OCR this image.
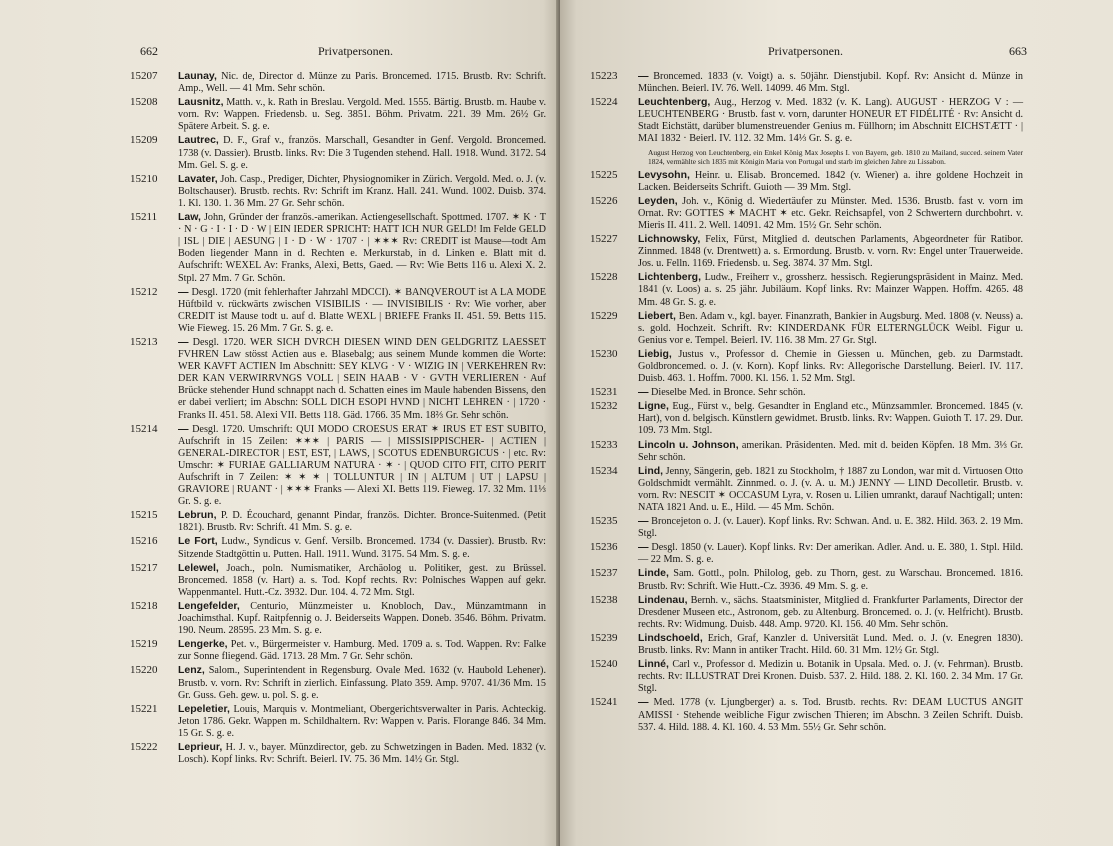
662	Privatpersonen.
15207 Launay, Nic. de, Director d. Münze zu Paris. Broncemed. 1715. Brustb. Rv: Schrift. Amp., Well. — 41 Mm. Sehr schön.
15208 Lausnitz, Matth. v., k. Rath in Breslau. Vergold. Med. 1555. Bärtig. Brustb. m. Haube v. vorn. Rv: Wappen. Friedensb. u. Seg. 3851. Böhm. Privatm. 221. 39 Mm. 26½ Gr. Spätere Arbeit. S. g. e.
15209 Lautrec, D. F., Graf v., französ. Marschall, Gesandter in Genf. Vergold. Broncemed. 1738 (v. Dassier). Brustb. links. Rv: Die 3 Tugenden stehend. Hall. 1918. Wund. 3172. 54 Mm. Gel. S. g. e.
15210 Lavater, Joh. Casp., Prediger, Dichter, Physiognomiker in Zürich. Vergold. Med. o. J. (v. Boltschauser). Brustb. rechts. Rv: Schrift im Kranz. Hall. 241. Wund. 1002. Duisb. 374. 1. Kl. 130. 1. 36 Mm. 27 Gr. Sehr schön.
15211 Law, John, Gründer der französ.-amerikan. Actiengesellschaft. Spottmed. 1707. ✶ K · T · N · G · I · I · D · W | EIN IEDER SPRICHT: HATT ICH NUR GELD! Im Felde GELD | ISL | DIE | AESUNG | I · D · W · 1707 · | ✶✶✶ Rv: CREDIT ist Mause—todt Am Boden liegender Mann in d. Rechten e. Merkurstab, in d. Linken e. Blatt mit d. Aufschrift: WEXEL Av: Franks, Alexi, Betts, Gaed. — Rv: Wie Betts 116 u. Alexi X. 2. Stpl. 27 Mm. 7 Gr. Schön.
15212 — Desgl. 1720 (mit fehlerhafter Jahrzahl MDCCI). ✶ BANQVEROUT ist A LA MODE Hüftbild v. rückwärts zwischen VISIBILIS · — INVISIBILIS · Rv: Wie vorher, aber CREDIT ist Mause todt u. auf d. Blatte WEXL | BRIEFE Franks II. 451. 59. Betts 115. Wie Fieweg. 15. 26 Mm. 7 Gr. S. g. e.
15213 — Desgl. 1720. WER SICH DVRCH DIESEN WIND DEN GELDGRITZ LAESSET FVHREN Law stösst Actien aus e. Blasebalg; aus seinem Munde kommen die Worte: WER KAVFT ACTIEN Im Abschnitt: SEY KLVG · V · WIZIG IN | VERKEHREN Rv: DER KAN VERWIRRVNGS VOLL | SEIN HAAB · V · GVTH VERLIEREN · Auf Brücke stehender Hund schnappt nach d. Schatten eines im Maule habenden Bissens, den er dabei verliert; im Abschn: SOLL DICH ESOPI HVND | NICHT LEHREN · | 1720 · Franks II. 451. 58. Alexi VII. Betts 118. Gäd. 1766. 35 Mm. 18⅔ Gr. Sehr schön.
15214 — Desgl. 1720. Umschrift: QUI MODO CROESUS ERAT ✶ IRUS ET EST SUBITO, Aufschrift in 15 Zeilen: ✶✶✶ | PARIS — | MISSISIPPISCHER- | ACTIEN | GENERAL-DIRECTOR | EST, EST, | LAWS, | SCOTUS EDENBURGICUS · | etc. Rv: Umschr: ✶ FURIAE GALLIARUM NATURA · ✶ · | QUOD CITO FIT, CITO PERIT Aufschrift in 7 Zeilen: ✶ ✶ ✶ | TOLLUNTUR | IN | ALTUM | UT | LAPSU | GRAVIORE | RUANT · | ✶✶✶ Franks — Alexi XI. Betts 119. Fieweg. 17. 32 Mm. 11⅓ Gr. S. g. e.
15215 Lebrun, P. D. Écouchard, genannt Pindar, französ. Dichter. Bronce-Suitenmed. (Petit 1821). Brustb. Rv: Schrift. 41 Mm. S. g. e.
15216 Le Fort, Ludw., Syndicus v. Genf. Versilb. Broncemed. 1734 (v. Dassier). Brustb. Rv: Sitzende Stadtgöttin u. Putten. Hall. 1911. Wund. 3175. 54 Mm. S. g. e.
15217 Lelewel, Joach., poln. Numismatiker, Archäolog u. Politiker, gest. zu Brüssel. Broncemed. 1858 (v. Hart) a. s. Tod. Kopf rechts. Rv: Polnisches Wappen auf gekr. Wappenmantel. Hutt.-Cz. 3932. Dur. 104. 4. 72 Mm. Stgl.
15218 Lengefelder, Centurio, Münzmeister u. Knobloch, Dav., Münzamtmann in Joachimsthal. Kupf. Raitpfennig o. J. Beiderseits Wappen. Doneb. 3546. Böhm. Privatm. 190. Neum. 28595. 23 Mm. S. g. e.
15219 Lengerke, Pet. v., Bürgermeister v. Hamburg. Med. 1709 a. s. Tod. Wappen. Rv: Falke zur Sonne fliegend. Gäd. 1713. 28 Mm. 7 Gr. Sehr schön.
15220 Lenz, Salom., Superintendent in Regensburg. Ovale Med. 1632 (v. Haubold Lehener). Brustb. v. vorn. Rv: Schrift in zierlich. Einfassung. Plato 359. Amp. 9707. 41/36 Mm. 15 Gr. Guss. Geh. gew. u. pol. S. g. e.
15221 Lepeletier, Louis, Marquis v. Montmeliant, Obergerichtsverwalter in Paris. Achteckig. Jeton 1786. Gekr. Wappen m. Schildhaltern. Rv: Wappen v. Paris. Florange 846. 34 Mm. 15 Gr. S. g. e.
15222 Leprieur, H. J. v., bayer. Münzdirector, geb. zu Schwetzingen in Baden. Med. 1832 (v. Losch). Kopf links. Rv: Schrift. Beierl. IV. 75. 36 Mm. 14½ Gr. Stgl.
663
Privatpersonen.
15223 — Broncemed. 1833 (v. Voigt) a. s. 50jähr. Dienstjubil. Kopf. Rv: Ansicht d. Münze in München. Beierl. IV. 76. Well. 14099. 46 Mm. Stgl.
15224 Leuchtenberg, Aug., Herzog v. Med. 1832 (v. K. Lang). AUGUST · HERZOG V : — LEUCHTENBERG · Brustb. fast v. vorn, darunter HONEUR ET FIDÉLITÉ · Rv: Ansicht d. Stadt Eichstätt, darüber blumenstreuender Genius m. Füllhorn; im Abschnitt EICHSTÆTT · | MAI 1832 · Beierl. IV. 112. 32 Mm. 14⅓ Gr. S. g. e.
August Herzog von Leuchtenberg, ein Enkel König Max Josephs I. von Bayern, geb. 1810 zu Mailand, succed. seinem Vater 1824, vermählte sich 1835 mit Königin Maria von Portugal und starb im gleichen Jahre zu Lissabon.
15225 Levysohn, Heinr. u. Elisab. Broncemed. 1842 (v. Wiener) a. ihre goldene Hochzeit in Lacken. Beiderseits Schrift. Guioth — 39 Mm. Stgl.
15226 Leyden, Joh. v., König d. Wiedertäufer zu Münster. Med. 1536. Brustb. fast v. vorn im Ornat. Rv: GOTTES ✶ MACHT ✶ etc. Gekr. Reichsapfel, von 2 Schwertern durchbohrt. v. Mieris II. 411. 2. Well. 14091. 42 Mm. 15½ Gr. Sehr schön.
15227 Lichnowsky, Felix, Fürst, Mitglied d. deutschen Parlaments, Abgeordneter für Ratibor. Zinnmed. 1848 (v. Drentwett) a. s. Ermordung. Brustb. v. vorn. Rv: Engel unter Trauerweide. Jos. u. Felln. 1169. Friedensb. u. Seg. 3874. 37 Mm. Stgl.
15228 Lichtenberg, Ludw., Freiherr v., grossherz. hessisch. Regierungspräsident in Mainz. Med. 1841 (v. Loos) a. s. 25 jähr. Jubiläum. Kopf links. Rv: Mainzer Wappen. Hoffm. 4265. 48 Mm. 48 Gr. S. g. e.
15229 Liebert, Ben. Adam v., kgl. bayer. Finanzrath, Bankier in Augsburg. Med. 1808 (v. Neuss) a. s. gold. Hochzeit. Schrift. Rv: KINDERDANK FÜR ELTERNGLÜCK Weibl. Figur u. Genius vor e. Tempel. Beierl. IV. 116. 38 Mm. 27 Gr. Stgl.
15230 Liebig, Justus v., Professor d. Chemie in Giessen u. München, geb. zu Darmstadt. Goldbroncemed. o. J. (v. Korn). Kopf links. Rv: Allegorische Darstellung. Beierl. IV. 117. Duisb. 463. 1. Hoffm. 7000. Kl. 156. 1. 52 Mm. Stgl.
15231 — Dieselbe Med. in Bronce. Sehr schön.
15232 Ligne, Eug., Fürst v., belg. Gesandter in England etc., Münzsammler. Broncemed. 1845 (v. Hart), von d. belgisch. Künstlern gewidmet. Brustb. links. Rv: Wappen. Guioth T. 17. 29. Dur. 109. 73 Mm. Stgl.
15233 Lincoln u. Johnson, amerikan. Präsidenten. Med. mit d. beiden Köpfen. 18 Mm. 3⅓ Gr. Sehr schön.
15234 Lind, Jenny, Sängerin, geb. 1821 zu Stockholm, † 1887 zu London, war mit d. Virtuosen Otto Goldschmidt vermählt. Zinnmed. o. J. (v. A. u. M.) JENNY — LIND Decolletir. Brustb. v. vorn. Rv: NESCIT ✶ OCCASUM Lyra, v. Rosen u. Lilien umrankt, darauf Nachtigall; unten: NATA 1821 And. u. E., Hild. — 45 Mm. Schön.
15235 — Broncejeton o. J. (v. Lauer). Kopf links. Rv: Schwan. And. u. E. 382. Hild. 363. 2. 19 Mm. Stgl.
15236 — Desgl. 1850 (v. Lauer). Kopf links. Rv: Der amerikan. Adler. And. u. E. 380, 1. Stpl. Hild. — 22 Mm. S. g. e.
15237 Linde, Sam. Gottl., poln. Philolog, geb. zu Thorn, gest. zu Warschau. Broncemed. 1816. Brustb. Rv: Schrift. Wie Hutt.-Cz. 3936. 49 Mm. S. g. e.
15238 Lindenau, Bernh. v., sächs. Staatsminister, Mitglied d. Frankfurter Parlaments, Director der Dresdener Museen etc., Astronom, geb. zu Altenburg. Broncemed. o. J. (v. Helfricht). Brustb. rechts. Rv: Widmung. Duisb. 448. Amp. 9720. Kl. 156. 40 Mm. Sehr schön.
15239 Lindschoeld, Erich, Graf, Kanzler d. Universität Lund. Med. o. J. (v. Enegren 1830). Brustb. links. Rv: Mann in antiker Tracht. Hild. 60. 31 Mm. 12½ Gr. Stgl.
15240 Linné, Carl v., Professor d. Medizin u. Botanik in Upsala. Med. o. J. (v. Fehrman). Brustb. rechts. Rv: ILLUSTRAT Drei Kronen. Duisb. 537. 2. Hild. 188. 2. Kl. 160. 2. 34 Mm. 17 Gr. Stgl.
15241 — Med. 1778 (v. Ljungberger) a. s. Tod. Brustb. rechts. Rv: DEAM LUCTUS ANGIT AMISSI · Stehende weibliche Figur zwischen Thieren; im Abschn. 3 Zeilen Schrift. Duisb. 537. 4. Hild. 188. 4. Kl. 160. 4. 53 Mm. 55½ Gr. Sehr schön.
